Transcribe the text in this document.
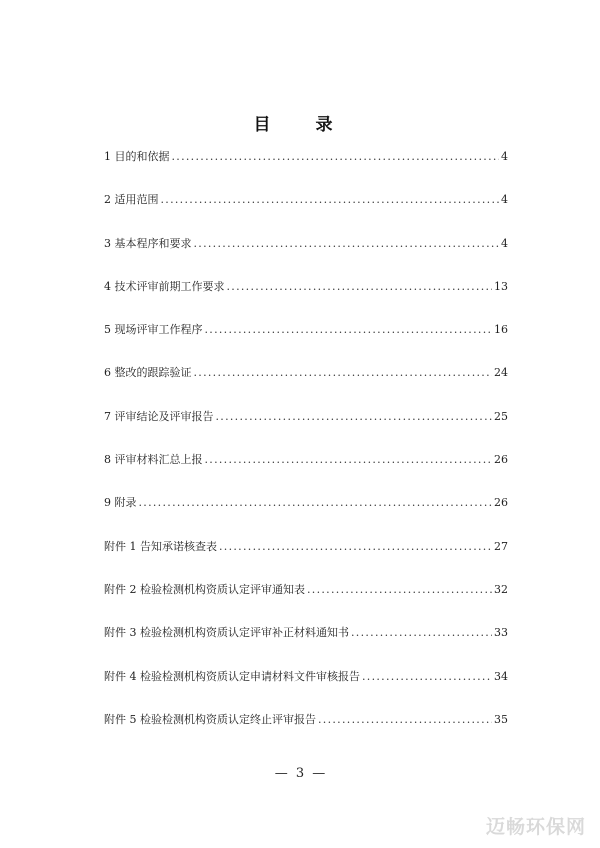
目　录
1 目的和依据 .....	4
2 适用范围 .....	4
3 基本程序和要求 .....	4
4 技术评审前期工作要求 .....	13
5 现场评审工作程序 .....	16
6 整改的跟踪验证 .....	24
7 评审结论及评审报告 .....	25
8 评审材料汇总上报 .....	26
9 附录 .....	26
附件 1 告知承诺核查表 .....	27
附件 2 检验检测机构资质认定评审通知表 .....	32
附件 3 检验检测机构资质认定评审补正材料通知书 .....	33
附件 4 检验检测机构资质认定申请材料文件审核报告 .....	34
附件 5 检验检测机构资质认定终止评审报告 .....	35
— 3 —
迈畅环保网
